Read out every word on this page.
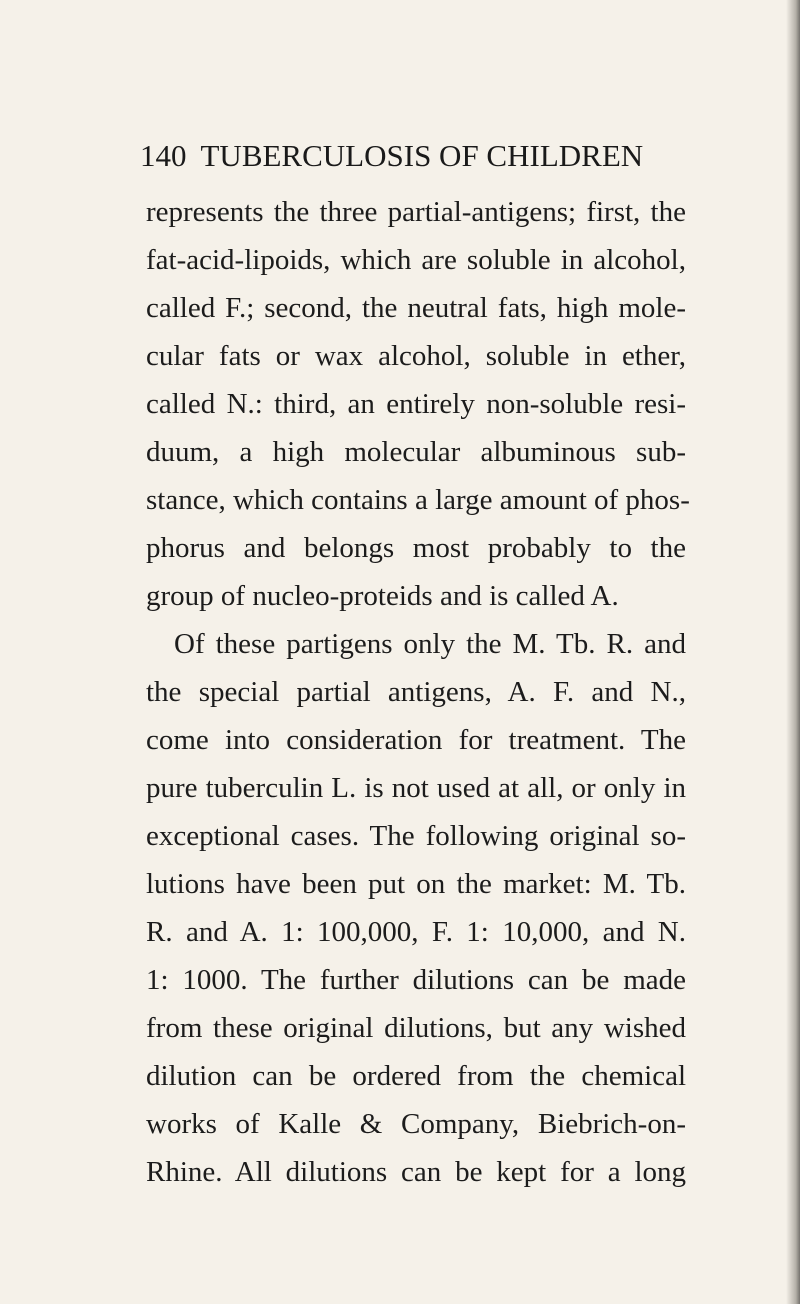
140 TUBERCULOSIS OF CHILDREN
represents the three partial-antigens; first, the
fat-acid-lipoids, which are soluble in alcohol,
called F.; second, the neutral fats, high mole-
cular fats or wax alcohol, soluble in ether,
called N.: third, an entirely non-soluble resi-
duum, a high molecular albuminous sub-
stance, which contains a large amount of phos-
phorus and belongs most probably to the
group of nucleo-proteids and is called A.
Of these partigens only the M. Tb. R. and
the special partial antigens, A. F. and N.,
come into consideration for treatment. The
pure tuberculin L. is not used at all, or only in
exceptional cases. The following original so-
lutions have been put on the market: M. Tb.
R. and A. 1: 100,000, F. 1: 10,000, and N.
1: 1000. The further dilutions can be made
from these original dilutions, but any wished
dilution can be ordered from the chemical
works of Kalle & Company, Biebrich-on-
Rhine. All dilutions can be kept for a long
